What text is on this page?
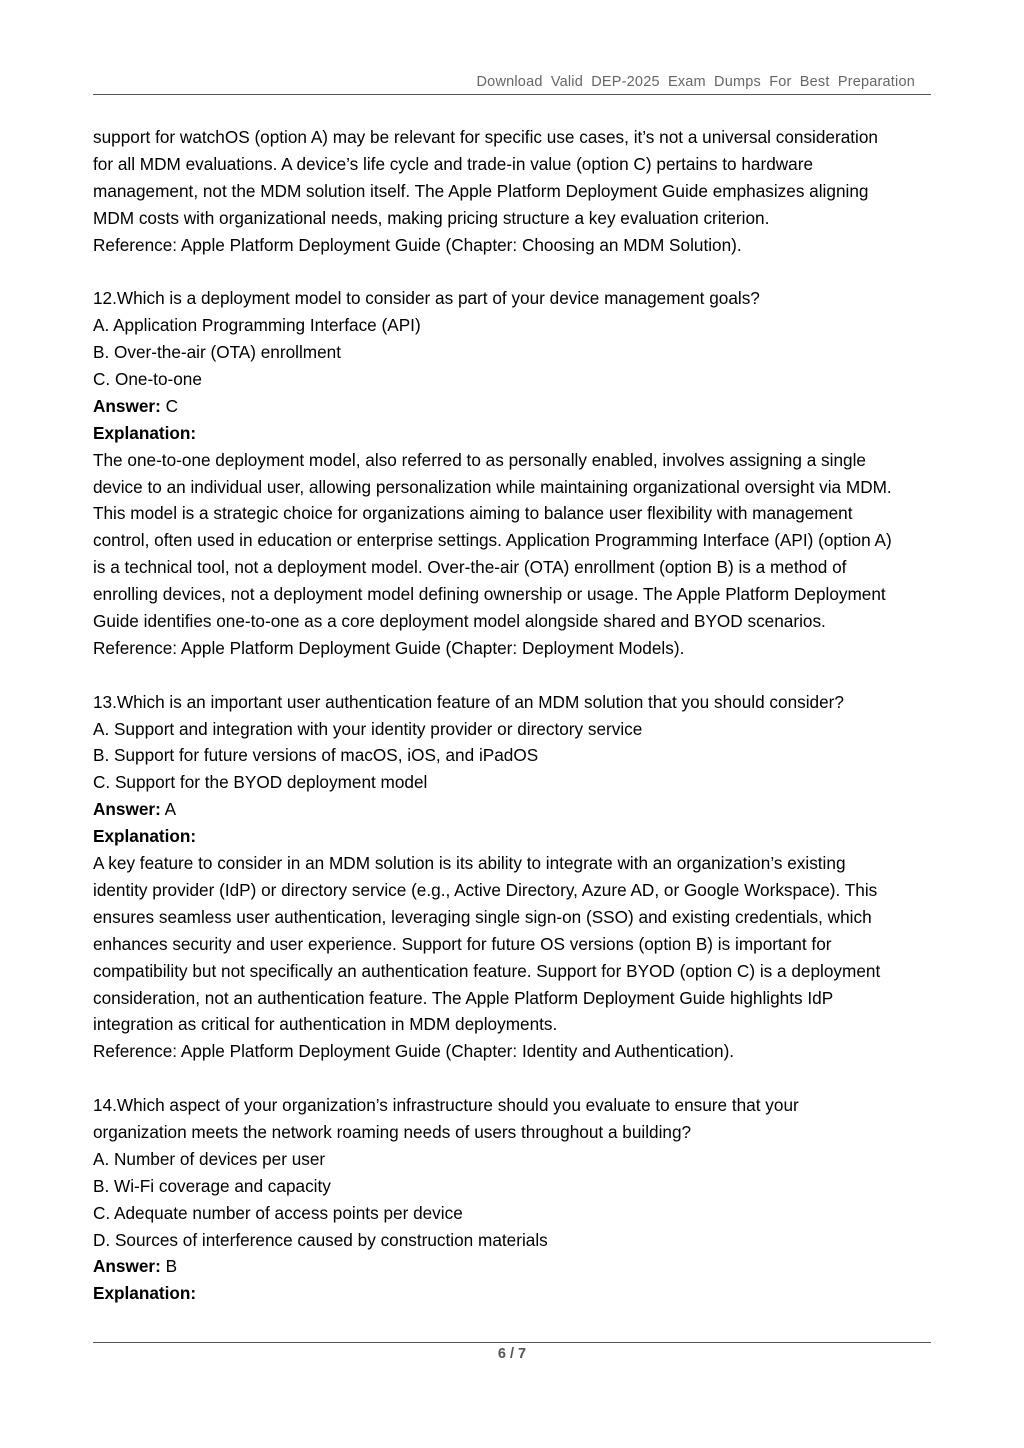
Download Valid DEP-2025 Exam Dumps For Best Preparation
support for watchOS (option A) may be relevant for specific use cases, it’s not a universal consideration
for all MDM evaluations. A device’s life cycle and trade-in value (option C) pertains to hardware
management, not the MDM solution itself. The Apple Platform Deployment Guide emphasizes aligning
MDM costs with organizational needs, making pricing structure a key evaluation criterion.
Reference: Apple Platform Deployment Guide (Chapter: Choosing an MDM Solution).
12.Which is a deployment model to consider as part of your device management goals?
A. Application Programming Interface (API)
B. Over-the-air (OTA) enrollment
C. One-to-one
Answer: C
Explanation:
The one-to-one deployment model, also referred to as personally enabled, involves assigning a single
device to an individual user, allowing personalization while maintaining organizational oversight via MDM.
This model is a strategic choice for organizations aiming to balance user flexibility with management
control, often used in education or enterprise settings. Application Programming Interface (API) (option A)
is a technical tool, not a deployment model. Over-the-air (OTA) enrollment (option B) is a method of
enrolling devices, not a deployment model defining ownership or usage. The Apple Platform Deployment
Guide identifies one-to-one as a core deployment model alongside shared and BYOD scenarios.
Reference: Apple Platform Deployment Guide (Chapter: Deployment Models).
13.Which is an important user authentication feature of an MDM solution that you should consider?
A. Support and integration with your identity provider or directory service
B. Support for future versions of macOS, iOS, and iPadOS
C. Support for the BYOD deployment model
Answer: A
Explanation:
A key feature to consider in an MDM solution is its ability to integrate with an organization’s existing
identity provider (IdP) or directory service (e.g., Active Directory, Azure AD, or Google Workspace). This
ensures seamless user authentication, leveraging single sign-on (SSO) and existing credentials, which
enhances security and user experience. Support for future OS versions (option B) is important for
compatibility but not specifically an authentication feature. Support for BYOD (option C) is a deployment
consideration, not an authentication feature. The Apple Platform Deployment Guide highlights IdP
integration as critical for authentication in MDM deployments.
Reference: Apple Platform Deployment Guide (Chapter: Identity and Authentication).
14.Which aspect of your organization’s infrastructure should you evaluate to ensure that your
organization meets the network roaming needs of users throughout a building?
A. Number of devices per user
B. Wi-Fi coverage and capacity
C. Adequate number of access points per device
D. Sources of interference caused by construction materials
Answer: B
Explanation:
6 / 7
